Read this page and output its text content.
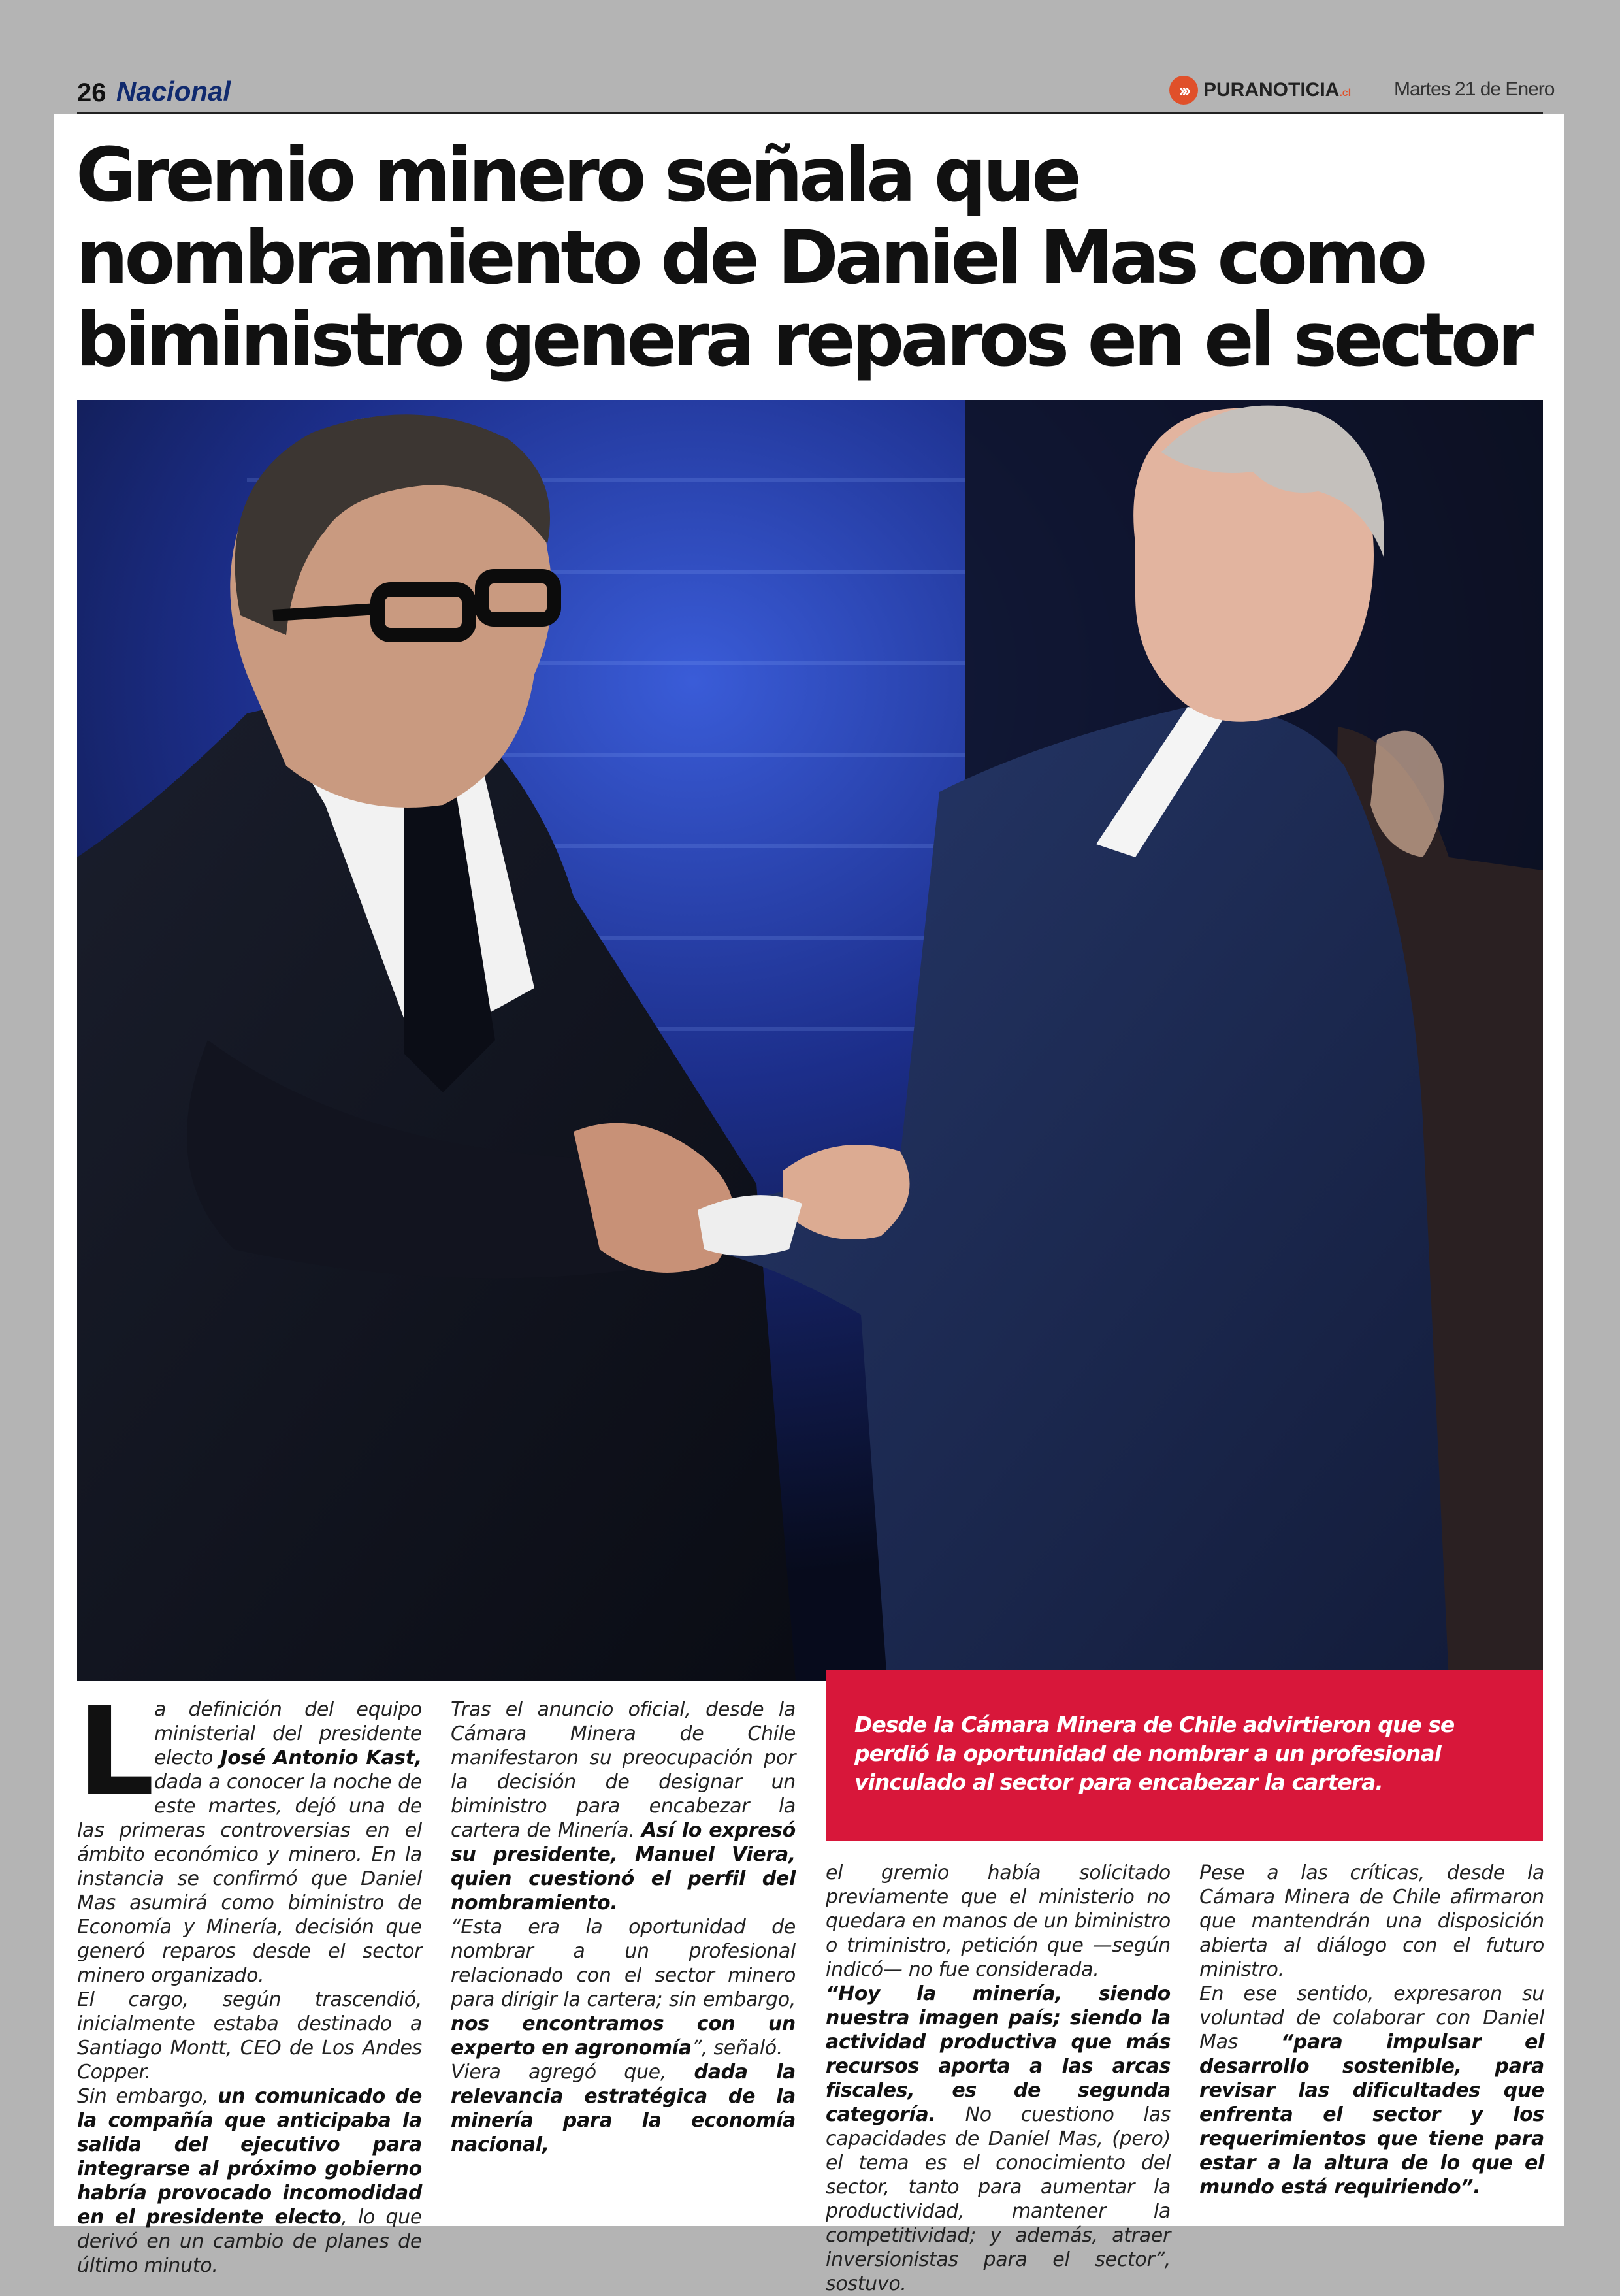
26 Nacional	››› PURANOTICIA.cl Martes 21 de Enero
Gremio minero señala que
nombramiento de Daniel Mas como
biministro genera reparos en el sector
Desde la Cámara Minera de Chile advirtieron que se perdió la oportunidad de nombrar a un profesional vinculado al sector para encabezar la cartera.

La definición del equipo ministerial del presidente electo José Antonio Kast, dada a conocer la noche de este martes, dejó una de las primeras controversias en el ámbito económico y minero. En la instancia se confirmó que Daniel Mas asumirá como biministro de Economía y Minería, decisión que generó reparos desde el sector minero organizado.

El cargo, según trascendió, inicialmente estaba destinado a Santiago Montt, CEO de Los Andes Copper.

Sin embargo, un comunicado de la compañía que anticipaba la salida del ejecutivo para integrarse al próximo gobierno habría provocado incomodidad en el presidente electo, lo que derivó en un cambio de planes de último minuto.

Tras el anuncio oficial, desde la Cámara Minera de Chile manifestaron su preocupación por la decisión de designar un biministro para encabezar la cartera de Minería. Así lo expresó su presidente, Manuel Viera, quien cuestionó el perfil del nombramiento.

“Esta era la oportunidad de nombrar a un profesional relacionado con el sector minero para dirigir la cartera; sin embargo, nos encontramos con un experto en agronomía”, señaló.

Viera agregó que, dada la relevancia estratégica de la minería para la economía nacional,

el gremio había solicitado previamente que el ministerio no quedara en manos de un biministro o triministro, petición que —según indicó— no fue considerada.

“Hoy la minería, siendo nuestra imagen país; siendo la actividad productiva que más recursos aporta a las arcas fiscales, es de segunda categoría. No cuestiono las capacidades de Daniel Mas, (pero) el tema es el conocimiento del sector, tanto para aumentar la productividad, mantener la competitividad; y además, atraer inversionistas para el sector”, sostuvo.

Pese a las críticas, desde la Cámara Minera de Chile afirmaron que mantendrán una disposición abierta al diálogo con el futuro ministro.

En ese sentido, expresaron su voluntad de colaborar con Daniel Mas “para impulsar el desarrollo sostenible, para revisar las dificultades que enfrenta el sector y los requerimientos que tiene para estar a la altura de lo que el mundo está requiriendo”.
